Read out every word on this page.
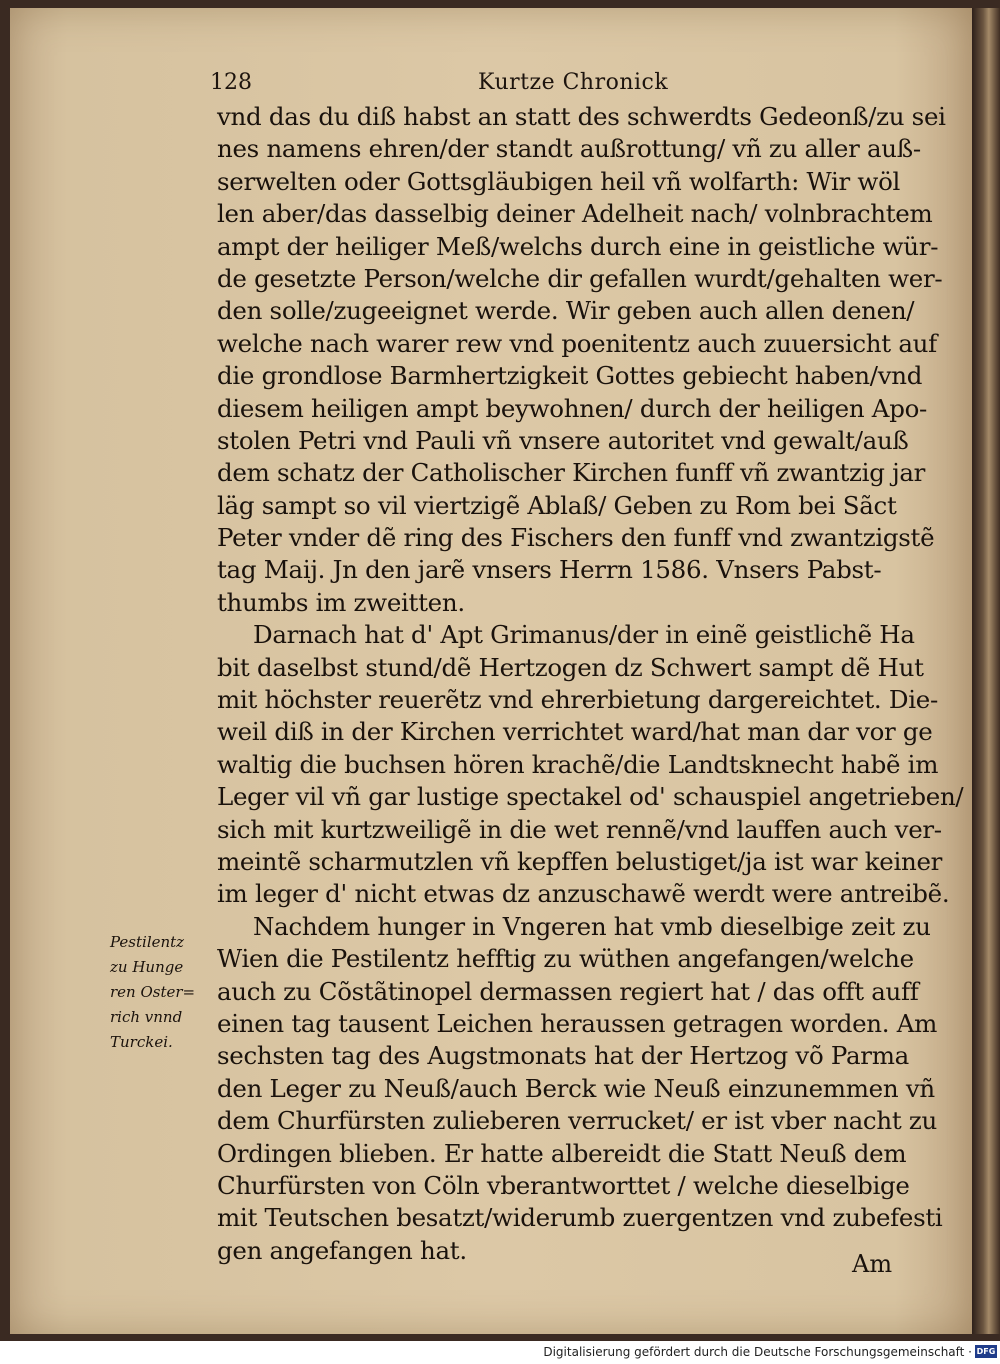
128	Kurtze Chronick
vnd das du diß habst an statt des schwerdts Gedeonß/zu sei
nes namens ehren/der standt außrottung/ vñ zu aller auß-
serwelten oder Gottsgläubigen heil vñ wolfarth: Wir wöl
len aber/das dasselbig deiner Adelheit nach/ volnbrachtem
ampt der heiliger Meß/welchs durch eine in geistliche wür-
de gesetzte Person/welche dir gefallen wurdt/gehalten wer-
den solle/zugeeignet werde. Wir geben auch allen denen/
welche nach warer rew vnd poenitentz auch zuuersicht auf
die grondlose Barmhertzigkeit Gottes gebiecht haben/vnd
diesem heiligen ampt beywohnen/ durch der heiligen Apo-
stolen Petri vnd Pauli vñ vnsere autoritet vnd gewalt/auß
dem schatz der Catholischer Kirchen funff vñ zwantzig jar
läg sampt so vil viertzigẽ Ablaß/ Geben zu Rom bei Sãct
Peter vnder dẽ ring des Fischers den funff vnd zwantzigstẽ
tag Maij. Jn den jarẽ vnsers Herrn 1586. Vnsers Pabst-
thumbs im zweitten.
Darnach hat d' Apt Grimanus/der in einẽ geistlichẽ Ha
bit daselbst stund/dẽ Hertzogen dz Schwert sampt dẽ Hut
mit höchster reuerẽtz vnd ehrerbietung dargereichtet. Die-
weil diß in der Kirchen verrichtet ward/hat man dar vor ge
waltig die buchsen hören krachẽ/die Landtsknecht habẽ im
Leger vil vñ gar lustige spectakel od' schauspiel angetrieben/
sich mit kurtzweiligẽ in die wet rennẽ/vnd lauffen auch ver-
meintẽ scharmutzlen vñ kepffen belustiget/ja ist war keiner
im leger d' nicht etwas dz anzuschawẽ werdt were antreibẽ.
Nachdem hunger in Vngeren hat vmb dieselbige zeit zu
Wien die Pestilentz hefftig zu wüthen angefangen/welche
auch zu Cõstãtinopel dermassen regiert hat / das offt auff
einen tag tausent Leichen heraussen getragen worden. Am
sechsten tag des Augstmonats hat der Hertzog võ Parma
den Leger zu Neuß/auch Berck wie Neuß einzunemmen vñ
dem Churfürsten zulieberen verrucket/ er ist vber nacht zu
Ordingen blieben. Er hatte albereidt die Statt Neuß dem
Churfürsten von Cöln vberantworttet / welche dieselbige
mit Teutschen besatzt/widerumb zuergentzen vnd zubefesti
gen angefangen hat.
Pestilentz
zu Hunge
ren Oster=
rich vnnd
Turckei.
Am
Digitalisierung gefördert durch die Deutsche Forschungsgemeinschaft · DFG
